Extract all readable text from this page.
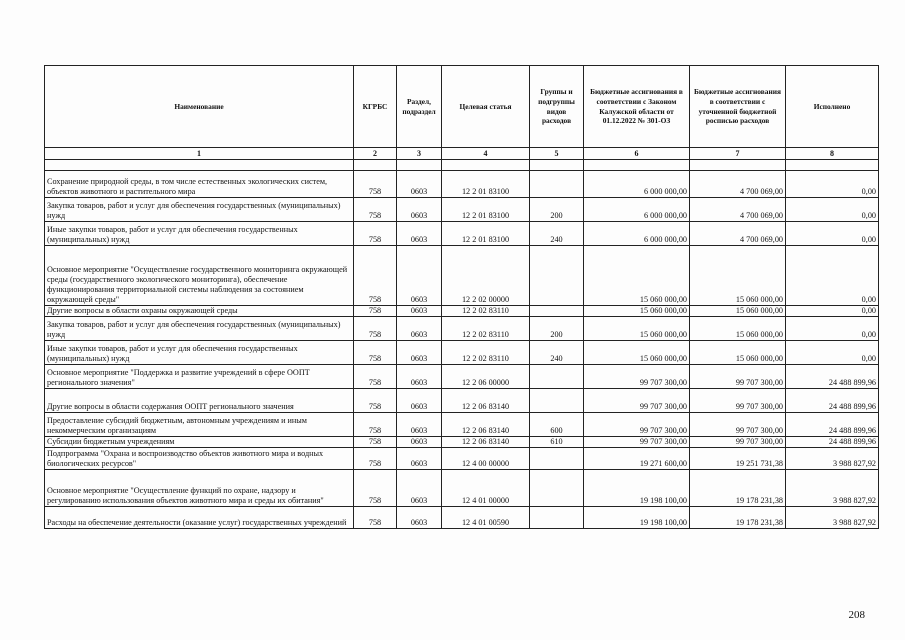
Наименование	КГРБС	Раздел, подраздел	Целевая статья	Группы и подгруппы видов расходов	Бюджетные ассигнования в соответствии с Законом Калужской области от 01.12.2022 № 301-ОЗ	Бюджетные ассигнования в соответствии с уточненной бюджетной росписью расходов	Исполнено
1	2	3	4	5	6	7	8

Сохранение природной среды, в том числе естественных экологических систем, объектов животного и растительного мира	758	0603	12 2 01 83100		6 000 000,00	4 700 069,00	0,00
Закупка товаров, работ и услуг для обеспечения государственных (муниципальных) нужд	758	0603	12 2 01 83100	200	6 000 000,00	4 700 069,00	0,00
Иные закупки товаров, работ и услуг для обеспечения государственных (муниципальных) нужд	758	0603	12 2 01 83100	240	6 000 000,00	4 700 069,00	0,00
Основное мероприятие "Осуществление государственного мониторинга окружающей среды (государственного экологического мониторинга), обеспечение функционирования территориальной системы наблюдения за состоянием окружающей среды"	758	0603	12 2 02 00000		15 060 000,00	15 060 000,00	0,00
Другие вопросы в области охраны окружающей среды	758	0603	12 2 02 83110		15 060 000,00	15 060 000,00	0,00
Закупка товаров, работ и услуг для обеспечения государственных (муниципальных) нужд	758	0603	12 2 02 83110	200	15 060 000,00	15 060 000,00	0,00
Иные закупки товаров, работ и услуг для обеспечения государственных (муниципальных) нужд	758	0603	12 2 02 83110	240	15 060 000,00	15 060 000,00	0,00
Основное мероприятие "Поддержка и развитие учреждений в сфере ООПТ регионального значения"	758	0603	12 2 06 00000		99 707 300,00	99 707 300,00	24 488 899,96
Другие вопросы в области содержания ООПТ регионального значения	758	0603	12 2 06 83140		99 707 300,00	99 707 300,00	24 488 899,96
Предоставление субсидий бюджетным, автономным учреждениям и иным некоммерческим организациям	758	0603	12 2 06 83140	600	99 707 300,00	99 707 300,00	24 488 899,96
Субсидии бюджетным учреждениям	758	0603	12 2 06 83140	610	99 707 300,00	99 707 300,00	24 488 899,96
Подпрограмма "Охрана и воспроизводство объектов животного мира и водных биологических ресурсов"	758	0603	12 4 00 00000		19 271 600,00	19 251 731,38	3 988 827,92
Основное мероприятие "Осуществление функций по охране, надзору и регулированию использования объектов животного мира и среды их обитания"	758	0603	12 4 01 00000		19 198 100,00	19 178 231,38	3 988 827,92
Расходы на обеспечение деятельности (оказание услуг) государственных учреждений	758	0603	12 4 01 00590		19 198 100,00	19 178 231,38	3 988 827,92
208
